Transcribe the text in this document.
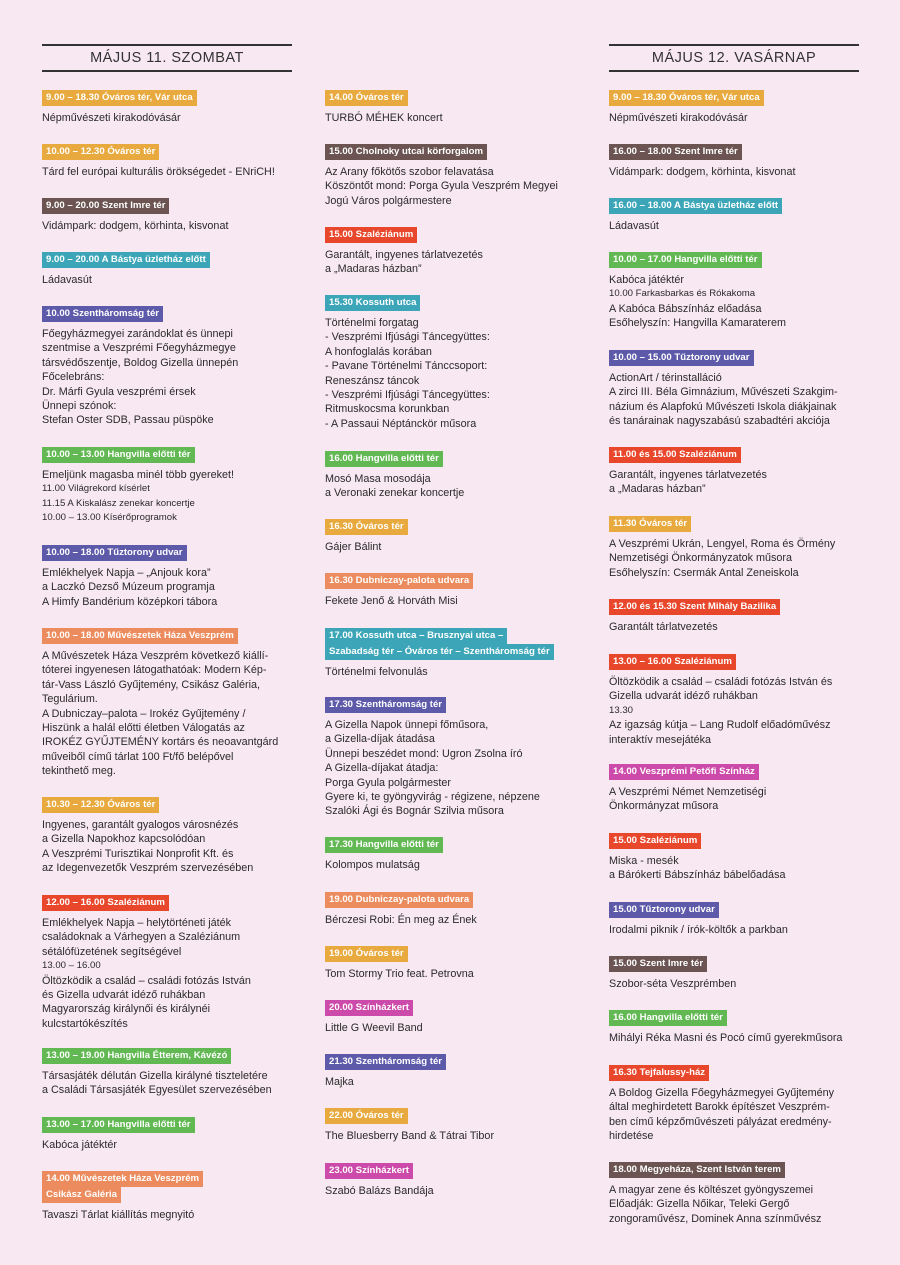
MÁJUS 11. SZOMBAT	MÁJUS 12. VASÁRNAP
9.00 – 18.30 Óváros tér, Vár utca
Népművészeti kirakodóvásár
10.00 – 12.30 Óváros tér
Tárd fel európai kulturális örökségedet - ENriCH!
9.00 – 20.00 Szent Imre tér
Vidámpark: dodgem, körhinta, kisvonat
9.00 – 20.00 A Bástya üzletház előtt
Ládavasút
10.00 Szentháromság tér
Főegyházmegyei zarándoklat és ünnepi
szentmise a Veszprémi Főegyházmegye
társvédőszentje, Boldog Gizella ünnepén
Főcelebráns:
Dr. Márfi Gyula veszprémi érsek
Ünnepi szónok:
Stefan Oster SDB, Passau püspöke
10.00 – 13.00 Hangvilla előtti tér
Emeljünk magasba minél több gyereket!
11.00 Világrekord kísérlet
11.15 A Kiskalász zenekar koncertje
10.00 – 13.00 Kísérőprogramok
10.00 – 18.00 Tűztorony udvar
Emlékhelyek Napja – „Anjouk kora”
a Laczkó Dezső Múzeum programja
A Himfy Bandérium középkori tábora
10.00 – 18.00 Művészetek Háza Veszprém
A Művészetek Háza Veszprém következő kiállí-
tóterei ingyenesen látogathatóak: Modern Kép-
tár-Vass László Gyűjtemény, Csikász Galéria,
Tegulárium.
A Dubniczay–palota – Irokéz Gyűjtemény /
Hiszünk a halál előtti életben Válogatás az
IROKÉZ GYŰJTEMÉNY kortárs és neoavantgárd
műveiből című tárlat 100 Ft/fő belépővel
tekinthető meg.
10.30 – 12.30 Óváros tér
Ingyenes, garantált gyalogos városnézés
a Gizella Napokhoz kapcsolódóan
A Veszprémi Turisztikai Nonprofit Kft. és
az Idegenvezetők Veszprém szervezésében
12.00 – 16.00 Szaléziánum
Emlékhelyek Napja – helytörténeti játék
családoknak a Várhegyen a Szaléziánum
sétálófüzetének segítségével
13.00 – 16.00
Öltözködik a család – családi fotózás István
és Gizella udvarát idéző ruhákban
Magyarország királynői és királynéi
kulcstartókészítés
13.00 – 19.00 Hangvilla Étterem, Kávézó
Társasjáték délután Gizella királyné tiszteletére
a Családi Társasjáték Egyesület szervezésében
13.00 – 17.00 Hangvilla előtti tér
Kabóca játéktér
14.00 Művészetek Háza Veszprém
Csikász Galéria
Tavaszi Tárlat kiállítás megnyitó
14.00 Óváros tér
TURBÓ MÉHEK koncert
15.00 Cholnoky utcai körforgalom
Az Arany főkötős szobor felavatása
Köszöntőt mond: Porga Gyula Veszprém Megyei
Jogú Város polgármestere
15.00 Szaléziánum
Garantált, ingyenes tárlatvezetés
a „Madaras házban”
15.30 Kossuth utca
Történelmi forgatag
- Veszprémi Ifjúsági Táncegyüttes:
A honfoglalás korában
- Pavane Történelmi Tánccsoport:
Reneszánsz táncok
- Veszprémi Ifjúsági Táncegyüttes:
Ritmuskocsma korunkban
- A Passaui Néptánckör műsora
16.00 Hangvilla előtti tér
Mosó Masa mosodája
a Veronaki zenekar koncertje
16.30 Óváros tér
Gájer Bálint
16.30 Dubniczay-palota udvara
Fekete Jenő & Horváth Misi
17.00 Kossuth utca – Brusznyai utca –
Szabadság tér – Óváros tér – Szentháromság tér
Történelmi felvonulás
17.30 Szentháromság tér
A Gizella Napok ünnepi főműsora,
a Gizella-díjak átadása
Ünnepi beszédet mond: Ugron Zsolna író
A Gizella-díjakat átadja:
Porga Gyula polgármester
Gyere ki, te gyöngyvirág - régizene, népzene
Szalóki Ági és Bognár Szilvia műsora
17.30 Hangvilla előtti tér
Kolompos mulatság
19.00 Dubniczay-palota udvara
Bérczesi Robi: Én meg az Ének
19.00 Óváros tér
Tom Stormy Trio feat. Petrovna
20.00 Színházkert
Little G Weevil Band
21.30 Szentháromság tér
Majka
22.00 Óváros tér
The Bluesberry Band & Tátrai Tibor
23.00 Színházkert
Szabó Balázs Bandája
9.00 – 18.30 Óváros tér, Vár utca
Népművészeti kirakodóvásár
16.00 – 18.00 Szent Imre tér
Vidámpark: dodgem, körhinta, kisvonat
16.00 – 18.00 A Bástya üzletház előtt
Ládavasút
10.00 – 17.00 Hangvilla előtti tér
Kabóca játéktér
10.00 Farkasbarkas és Rókakoma
A Kabóca Bábszínház előadása
Esőhelyszín: Hangvilla Kamaraterem
10.00 – 15.00 Tűztorony udvar
ActionArt / térinstalláció
A zirci III. Béla Gimnázium, Művészeti Szakgim-
názium és Alapfokú Művészeti Iskola diákjainak
és tanárainak nagyszabású szabadtéri akciója
11.00 és 15.00 Szaléziánum
Garantált, ingyenes tárlatvezetés
a „Madaras házban”
11.30 Óváros tér
A Veszprémi Ukrán, Lengyel, Roma és Örmény
Nemzetiségi Önkormányzatok műsora
Esőhelyszín: Csermák Antal Zeneiskola
12.00 és 15.30 Szent Mihály Bazilika
Garantált tárlatvezetés
13.00 – 16.00 Szaléziánum
Öltözködik a család – családi fotózás István és
Gizella udvarát idéző ruhákban
13.30
Az igazság kútja – Lang Rudolf előadóművész
interaktív mesejátéka
14.00 Veszprémi Petőfi Színház
A Veszprémi Német Nemzetiségi
Önkormányzat műsora
15.00 Szaléziánum
Miska - mesék
a Bárókerti Bábszínház bábelőadása
15.00 Tűztorony udvar
Irodalmi piknik / írók-költők a parkban
15.00 Szent Imre tér
Szobor-séta Veszprémben
16.00 Hangvilla előtti tér
Mihályi Réka Masni és Pocó című gyerekműsora
16.30 Tejfalussy-ház
A Boldog Gizella Főegyházmegyei Gyűjtemény
által meghirdetett Barokk építészet Veszprém-
ben című képzőművészeti pályázat eredmény-
hirdetése
18.00 Megyeháza, Szent István terem
A magyar zene és költészet gyöngyszemei
Előadják: Gizella Nőikar, Teleki Gergő
zongoraművész, Dominek Anna színművész
